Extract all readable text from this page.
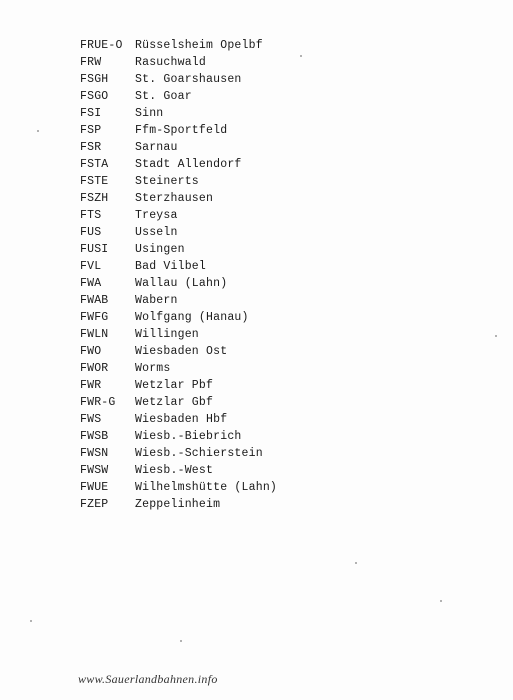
FRUE-O Rüsselsheim Opelbf
FRW	Rasuchwald
FSGH St. Goarshausen
FSGO St. Goar
FSI	Sinn
FSP	Ffm-Sportfeld
FSR	Sarnau
FSTA Stadt Allendorf
FSTE Steinerts
FSZH Sterzhausen
FTS	Treysa
FUS	Usseln
FUSI Usingen
FVL	Bad Vilbel
FWA	Wallau (Lahn)
FWAB Wabern
FWFG Wolfgang (Hanau)
FWLN Willingen
FWO	Wiesbaden Ost
FWOR Worms
FWR	Wetzlar Pbf
FWR-G Wetzlar Gbf
FWS	Wiesbaden Hbf
FWSB Wiesb.-Biebrich
FWSN Wiesb.-Schierstein
FWSW Wiesb.-West
FWUE Wilhelmshütte (Lahn)
FZEP Zeppelinheim
www.Sauerlandbahnen.info
